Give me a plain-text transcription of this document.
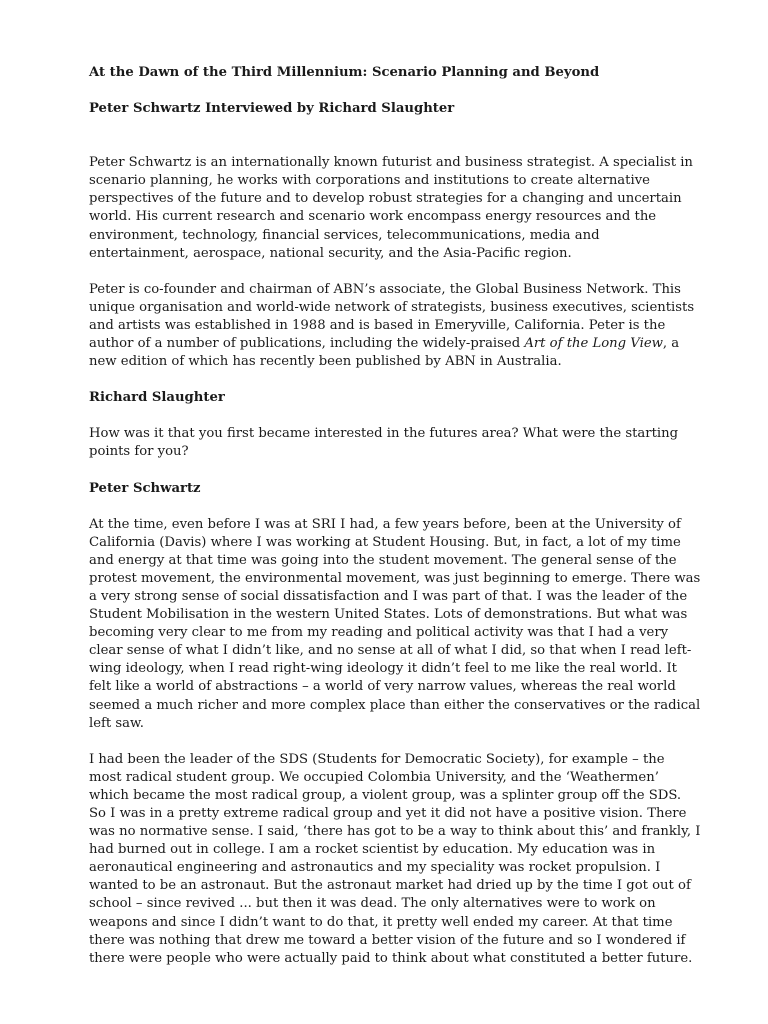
At the Dawn of the Third Millennium: Scenario Planning and Beyond

Peter Schwartz Interviewed by Richard Slaughter

Peter Schwartz is an internationally known futurist and business strategist. A specialist in scenario planning, he works with corporations and institutions to create alternative perspectives of the future and to develop robust strategies for a changing and uncertain world. His current research and scenario work encompass energy resources and the environment, technology, financial services, telecommunications, media and entertainment, aerospace, national security, and the Asia-Pacific region.

Peter is co-founder and chairman of ABN’s associate, the Global Business Network. This unique organisation and world-wide network of strategists, business executives, scientists and artists was established in 1988 and is based in Emeryville, California. Peter is the author of a number of publications, including the widely-praised Art of the Long View, a new edition of which has recently been published by ABN in Australia.

Richard Slaughter

How was it that you first became interested in the futures area? What were the starting points for you?

Peter Schwartz

At the time, even before I was at SRI I had, a few years before, been at the University of California (Davis) where I was working at Student Housing. But, in fact, a lot of my time and energy at that time was going into the student movement. The general sense of the protest movement, the environmental movement, was just beginning to emerge. There was a very strong sense of social dissatisfaction and I was part of that. I was the leader of the Student Mobilisation in the western United States. Lots of demonstrations. But what was becoming very clear to me from my reading and political activity was that I had a very clear sense of what I didn’t like, and no sense at all of what I did, so that when I read left-wing ideology, when I read right-wing ideology it didn’t feel to me like the real world. It felt like a world of abstractions – a world of very narrow values, whereas the real world seemed a much richer and more complex place than either the conservatives or the radical left saw.

I had been the leader of the SDS (Students for Democratic Society), for example – the most radical student group. We occupied Colombia University, and the ‘Weathermen’ which became the most radical group, a violent group, was a splinter group off the SDS. So I was in a pretty extreme radical group and yet it did not have a positive vision. There was no normative sense. I said, ‘there has got to be a way to think about this’ and frankly, I had burned out in college. I am a rocket scientist by education. My education was in aeronautical engineering and astronautics and my speciality was rocket propulsion. I wanted to be an astronaut. But the astronaut market had dried up by the time I got out of school – since revived ... but then it was dead. The only alternatives were to work on weapons and since I didn’t want to do that, it pretty well ended my career. At that time there was nothing that drew me toward a better vision of the future and so I wondered if there were people who were actually paid to think about what constituted a better future.
